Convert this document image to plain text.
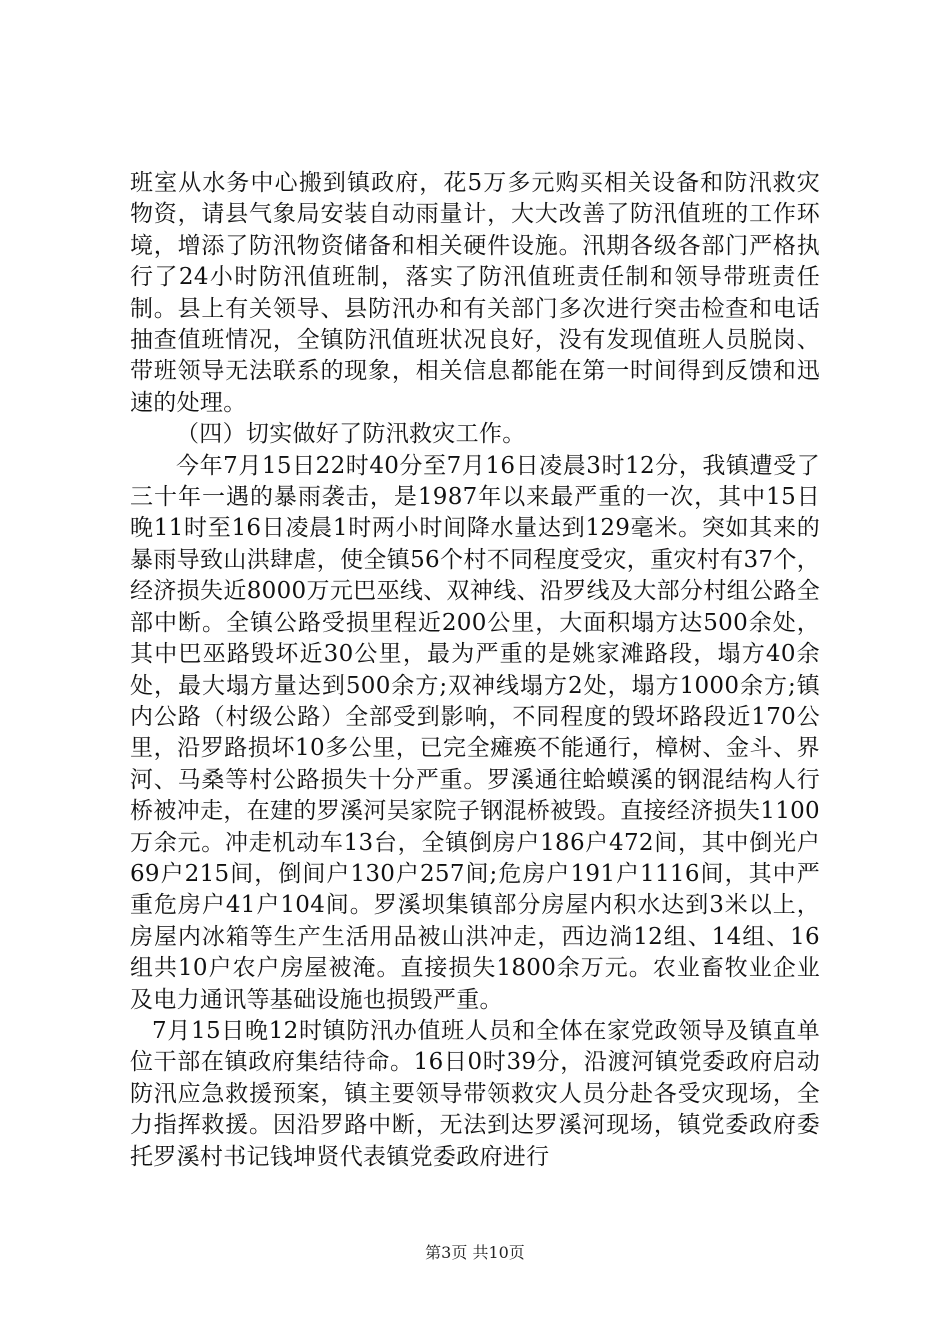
班室从水务中心搬到镇政府，花5万多元购买相关设备和防汛救灾物资，请县气象局安装自动雨量计，大大改善了防汛值班的工作环境，增添了防汛物资储备和相关硬件设施。汛期各级各部门严格执行了24小时防汛值班制，落实了防汛值班责任制和领导带班责任制。县上有关领导、县防汛办和有关部门多次进行突击检查和电话抽查值班情况，全镇防汛值班状况良好，没有发现值班人员脱岗、带班领导无法联系的现象，相关信息都能在第一时间得到反馈和迅速的处理。

（四）切实做好了防汛救灾工作。

今年7月15日22时40分至7月16日凌晨3时12分，我镇遭受了三十年一遇的暴雨袭击，是1987年以来最严重的一次，其中15日晚11时至16日凌晨1时两小时间降水量达到129毫米。突如其来的暴雨导致山洪肆虐，使全镇56个村不同程度受灾，重灾村有37个，经济损失近8000万元巴巫线、双神线、沿罗线及大部分村组公路全部中断。全镇公路受损里程近200公里，大面积塌方达500余处，其中巴巫路毁坏近30公里，最为严重的是姚家滩路段，塌方40余处，最大塌方量达到500余方;双神线塌方2处，塌方1000余方;镇内公路（村级公路）全部受到影响，不同程度的毁坏路段近170公里，沿罗路损坏10多公里，已完全瘫痪不能通行，樟树、金斗、界河、马桑等村公路损失十分严重。罗溪通往蛤蟆溪的钢混结构人行桥被冲走，在建的罗溪河吴家院子钢混桥被毁。直接经济损失1100万余元。冲走机动车13台，全镇倒房户186户472间，其中倒光户69户215间，倒间户130户257间;危房户191户1116间，其中严重危房户41户104间。罗溪坝集镇部分房屋内积水达到3米以上，房屋内冰箱等生产生活用品被山洪冲走，西边淌12组、14组、16组共10户农户房屋被淹。直接损失1800余万元。农业畜牧业企业及电力通讯等基础设施也损毁严重。

7月15日晚12时镇防汛办值班人员和全体在家党政领导及镇直单位干部在镇政府集结待命。16日0时39分，沿渡河镇党委政府启动防汛应急救援预案，镇主要领导带领救灾人员分赴各受灾现场，全力指挥救援。因沿罗路中断，无法到达罗溪河现场，镇党委政府委托罗溪村书记钱坤贤代表镇党委政府进行

第3页 共10页
